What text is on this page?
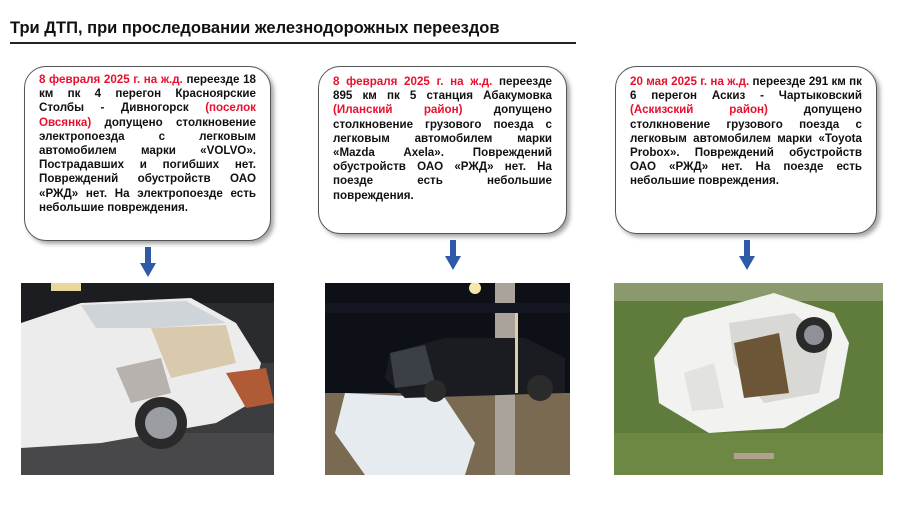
Три ДТП, при проследовании железнодорожных переездов

8 февраля 2025 г. на ж.д. переезде 18 км пк 4 перегон Красноярские Столбы - Дивногорск (поселок Овсянка) допущено столкновение электропоезда с легковым автомобилем марки «VOLVO». Пострадавших и погибших нет. Повреждений обустройств ОАО «РЖД» нет. На электропоезде есть небольшие повреждения.

8 февраля 2025 г. на ж.д. переезде 895 км пк 5 станция Абакумовка (Иланский район)	допущено столкновение грузового поезда с легковым автомобилем марки «Mazda Axela». Повреждений обустройств ОАО «РЖД» нет. На поезде есть небольшие повреждения.

20 мая 2025 г. на ж.д. переезде 291 км пк 6 перегон Аскиз - Чартыковский (Аскизский район)	допущено столкновение грузового поезда с легковым автомобилем марки «Toyota Probox». Повреждений обустройств ОАО «РЖД» нет. На поезде есть небольшие повреждения.
